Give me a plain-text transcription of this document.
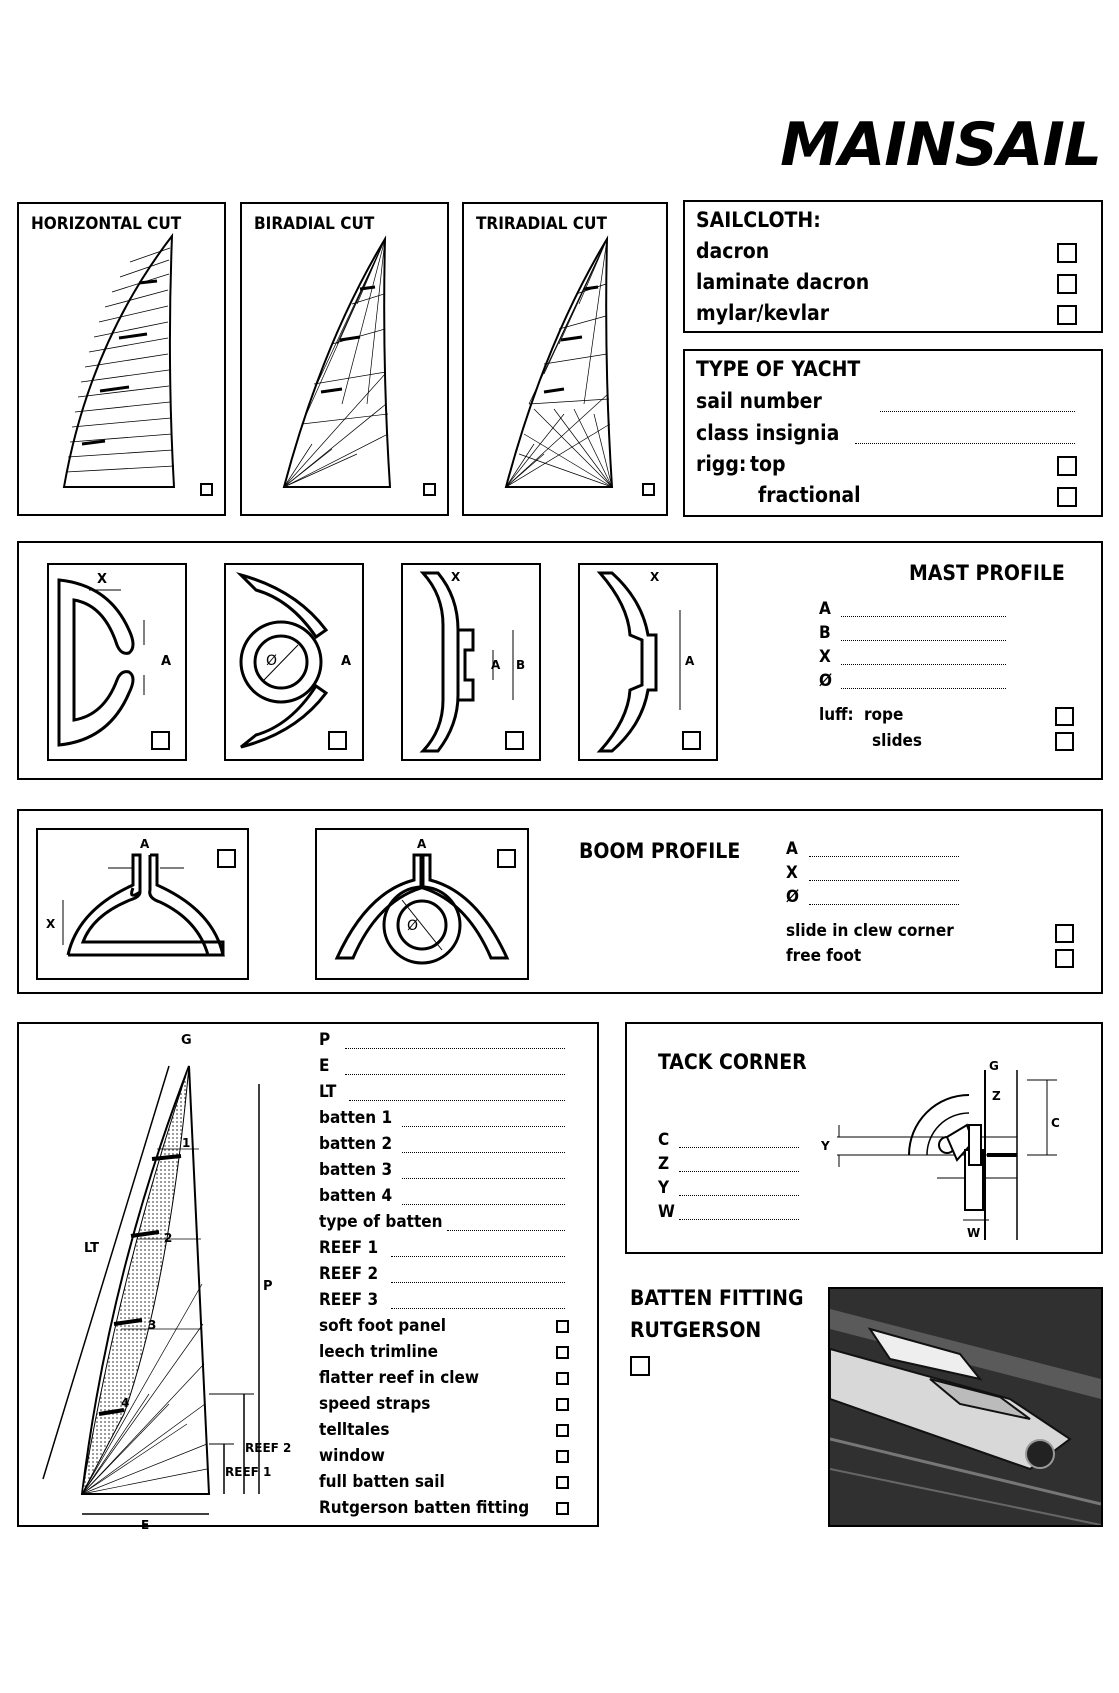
MAINSAIL
HORIZONTAL CUT	BIRADIAL CUT	TRIRADIAL CUT	SAILCLOTH:
dacron
laminate dacron
mylar/kevlar
TYPE OF YACHT
sail number
class insignia
rigg: top
fractional
MAST PROFILE
X
A	Ø	A
X
A B
X
A
A
B
X
Ø
luff: rope
slides
A
X	Ø
A	BOOM PROFILE	A
X
Ø
slide in clew corner
free foot
G
LT
P
E
REEF 2
REEF 1
1
2
3
4
P
E
LT
batten 1
batten 2
batten 3
batten 4
type of batten
REEF 1
REEF 2
REEF 3
soft foot panel
leech trimline
flatter reef in clew
speed straps
telltales
window
full batten sail
Rutgerson batten fitting
TACK CORNER
C
Z
Y
W
C
Z
Y
W
G
BATTEN FITTING
RUTGERSON
